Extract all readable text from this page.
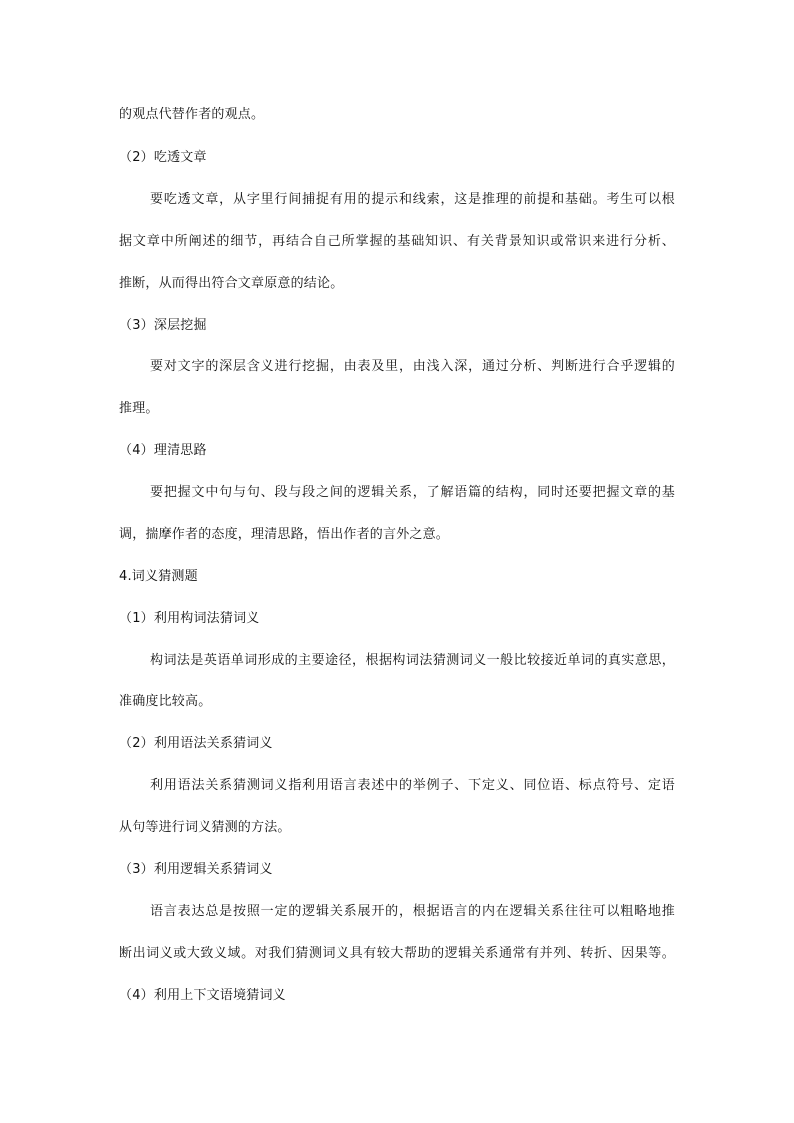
的观点代替作者的观点。
（2）吃透文章
要吃透文章，从字里行间捕捉有用的提示和线索，这是推理的前提和基础。考生可以根
据文章中所阐述的细节，再结合自己所掌握的基础知识、有关背景知识或常识来进行分析、
推断，从而得出符合文章原意的结论。
（3）深层挖掘
要对文字的深层含义进行挖掘，由表及里，由浅入深，通过分析、判断进行合乎逻辑的
推理。
（4）理清思路
要把握文中句与句、段与段之间的逻辑关系，了解语篇的结构，同时还要把握文章的基
调，揣摩作者的态度，理清思路，悟出作者的言外之意。
4.词义猜测题
（1）利用构词法猜词义
构词法是英语单词形成的主要途径，根据构词法猜测词义一般比较接近单词的真实意思，
准确度比较高。
（2）利用语法关系猜词义
利用语法关系猜测词义指利用语言表述中的举例子、下定义、同位语、标点符号、定语
从句等进行词义猜测的方法。
（3）利用逻辑关系猜词义
语言表达总是按照一定的逻辑关系展开的，根据语言的内在逻辑关系往往可以粗略地推
断出词义或大致义域。对我们猜测词义具有较大帮助的逻辑关系通常有并列、转折、因果等。
（4）利用上下文语境猜词义
